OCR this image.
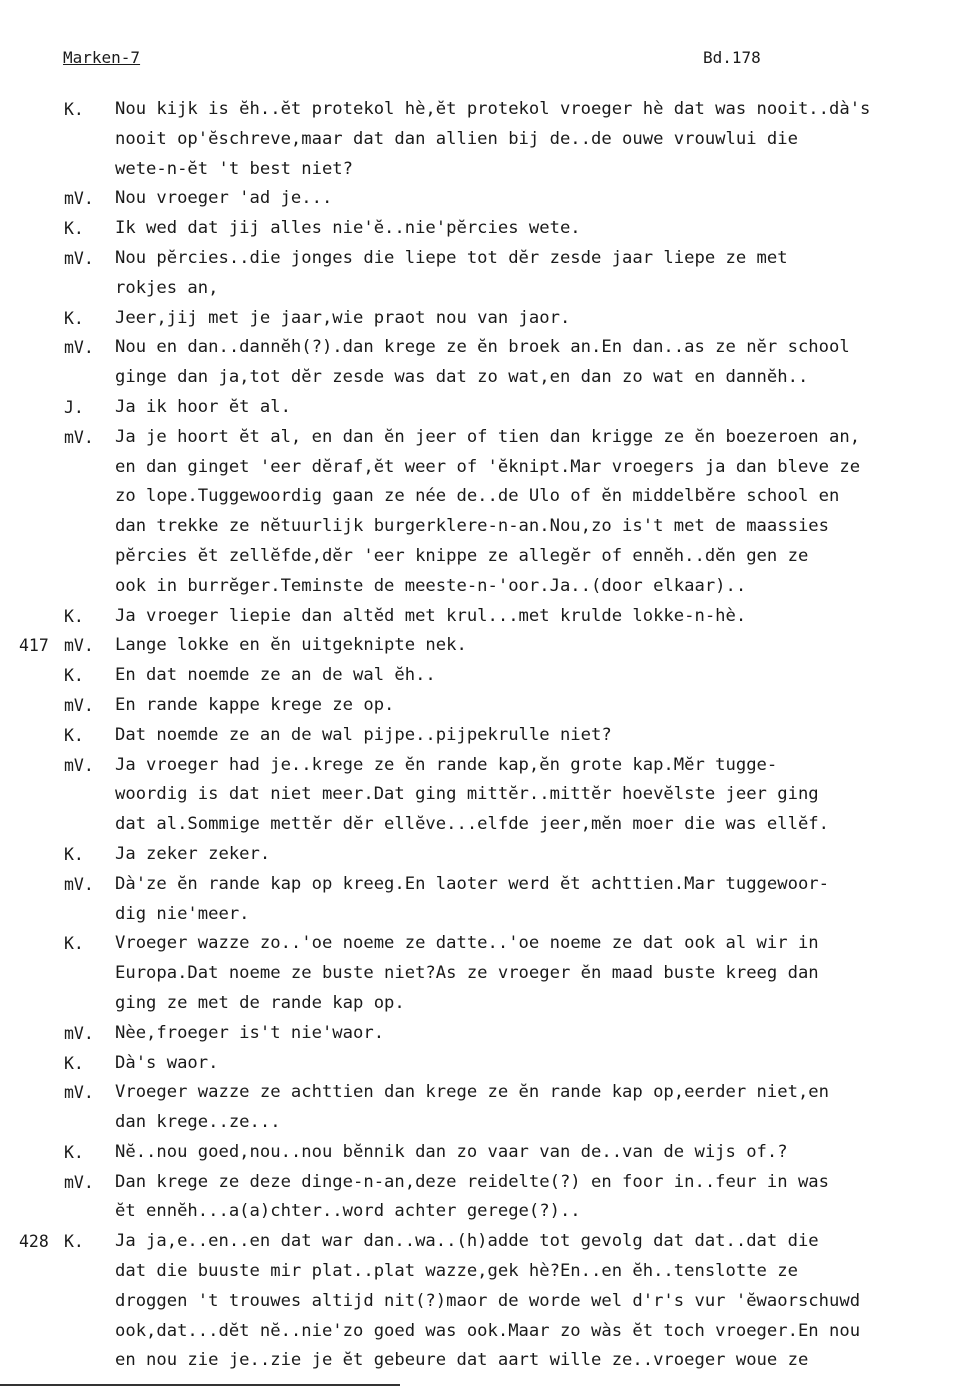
Marken-7	Bd.178
K.	Nou kijk is ĕh..ĕt protekol hè,ĕt protekol vroeger hè dat was nooit..dà's
nooit op'ĕschreve,maar dat dan allien bij de..de ouwe vrouwlui die
wete-n-ĕt 't best niet?
mV.	Nou vroeger 'ad je...
K.	Ik wed dat jij alles nie'ĕ..nie'pĕrcies wete.
mV.	Nou pĕrcies..die jonges die liepe tot dĕr zesde jaar liepe ze met
rokjes an,
K.	Jeer,jij met je jaar,wie praot nou van jaor.
mV.	Nou en dan..dannĕh(?).dan krege ze ĕn broek an.En dan..as ze nĕr school
ginge dan ja,tot dĕr zesde was dat zo wat,en dan zo wat en dannĕh..
J.	Ja ik hoor ĕt al.
mV.	Ja je hoort ĕt al, en dan ĕn jeer of tien dan krigge ze ĕn boezeroen an,
en dan ginget 'eer dĕraf,ĕt weer of 'ĕknipt.Mar vroegers ja dan bleve ze
zo lope.Tuggewoordig gaan ze née de..de Ulo of ĕn middelbĕre school en
dan trekke ze nĕtuurlijk burgerklere-n-an.Nou,zo is't met de maassies
pĕrcies ĕt zellĕfde,dĕr 'eer knippe ze allegĕr of ennĕh..dĕn gen ze
ook in burrĕger.Teminste de meeste-n-'oor.Ja..(door elkaar)..
K.	Ja vroeger liepie dan altĕd met krul...met krulde lokke-n-hè.
417 mV.	Lange lokke en ĕn uitgeknipte nek.
K.	En dat noemde ze an de wal ĕh..
mV.	En rande kappe krege ze op.
K.	Dat noemde ze an de wal pijpe..pijpekrulle niet?
mV.	Ja vroeger had je..krege ze ĕn rande kap,ĕn grote kap.Mĕr tugge-
woordig is dat niet meer.Dat ging mittĕr..mittĕr hoevĕlste jeer ging
dat al.Sommige mettĕr dĕr ellĕve...elfde jeer,mĕn moer die was ellĕf.
K.	Ja zeker zeker.
mV.	Dà'ze ĕn rande kap op kreeg.En laoter werd ĕt achttien.Mar tuggewoor-
dig nie'meer.
K.	Vroeger wazze zo..'oe noeme ze datte..'oe noeme ze dat ook al wir in
Europa.Dat noeme ze buste niet?As ze vroeger ĕn maad buste kreeg dan
ging ze met de rande kap op.
mV.	Nèe,froeger is't nie'waor.
K.	Dà's waor.
mV.	Vroeger wazze ze achttien dan krege ze ĕn rande kap op,eerder niet,en
dan krege..ze...
K.	Nĕ..nou goed,nou..nou bĕnnik dan zo vaar van de..van de wijs of.?
mV.	Dan krege ze deze dinge-n-an,deze reidelte(?) en foor in..feur in was
ĕt ennĕh...a(a)chter..word achter gerege(?)..
428 K.	Ja ja,e..en..en dat war dan..wa..(h)adde tot gevolg dat dat..dat die
dat die buuste mir plat..plat wazze,gek hè?En..en ĕh..tenslotte ze
droggen 't trouwes altijd nit(?)maor de worde wel d'r's vur 'ĕwaorschuwd
ook,dat...dĕt nĕ..nie'zo goed was ook.Maar zo wàs ĕt toch vroeger.En nou
en nou zie je..zie je ĕt gebeure dat aart wille ze..vroeger woue ze
